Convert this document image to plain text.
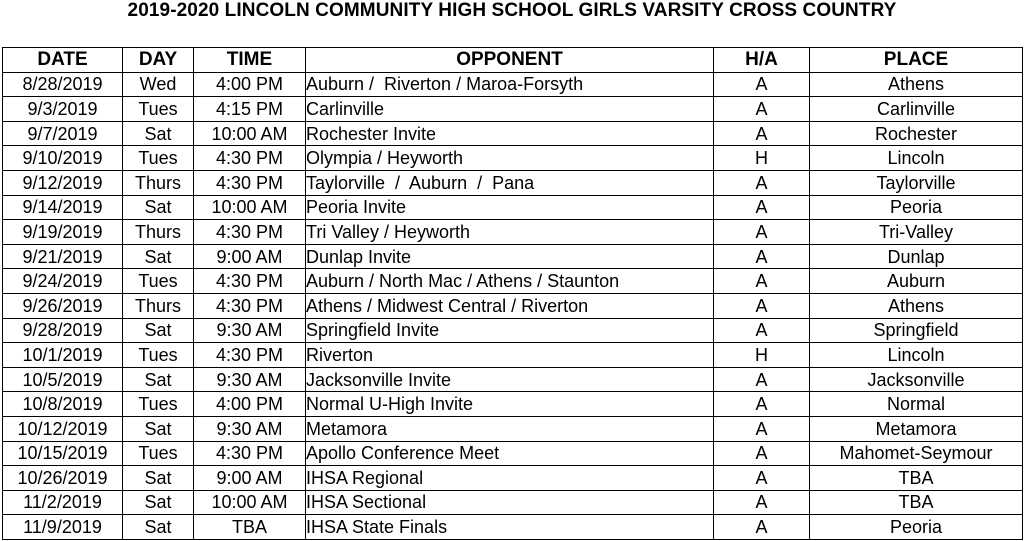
2019-2020 LINCOLN COMMUNITY HIGH SCHOOL GIRLS VARSITY CROSS COUNTRY
DATE	DAY	TIME	OPPONENT	H/A	PLACE
8/28/2019	Wed	4:00 PM	Auburn /  Riverton / Maroa-Forsyth	A	Athens
9/3/2019	Tues	4:15 PM	Carlinville	A	Carlinville
9/7/2019	Sat	10:00 AM	Rochester Invite	A	Rochester
9/10/2019	Tues	4:30 PM	Olympia / Heyworth	H	Lincoln
9/12/2019	Thurs	4:30 PM	Taylorville  /  Auburn  /  Pana	A	Taylorville
9/14/2019	Sat	10:00 AM	Peoria Invite	A	Peoria
9/19/2019	Thurs	4:30 PM	Tri Valley / Heyworth	A	Tri-Valley
9/21/2019	Sat	9:00 AM	Dunlap Invite	A	Dunlap
9/24/2019	Tues	4:30 PM	Auburn / North Mac / Athens / Staunton	A	Auburn
9/26/2019	Thurs	4:30 PM	Athens / Midwest Central / Riverton	A	Athens
9/28/2019	Sat	9:30 AM	Springfield Invite	A	Springfield
10/1/2019	Tues	4:30 PM	Riverton	H	Lincoln
10/5/2019	Sat	9:30 AM	Jacksonville Invite	A	Jacksonville
10/8/2019	Tues	4:00 PM	Normal U-High Invite	A	Normal
10/12/2019	Sat	9:30 AM	Metamora	A	Metamora
10/15/2019	Tues	4:30 PM	Apollo Conference Meet	A	Mahomet-Seymour
10/26/2019	Sat	9:00 AM	IHSA Regional	A	TBA
11/2/2019	Sat	10:00 AM	IHSA Sectional	A	TBA
11/9/2019	Sat	TBA	IHSA State Finals	A	Peoria
